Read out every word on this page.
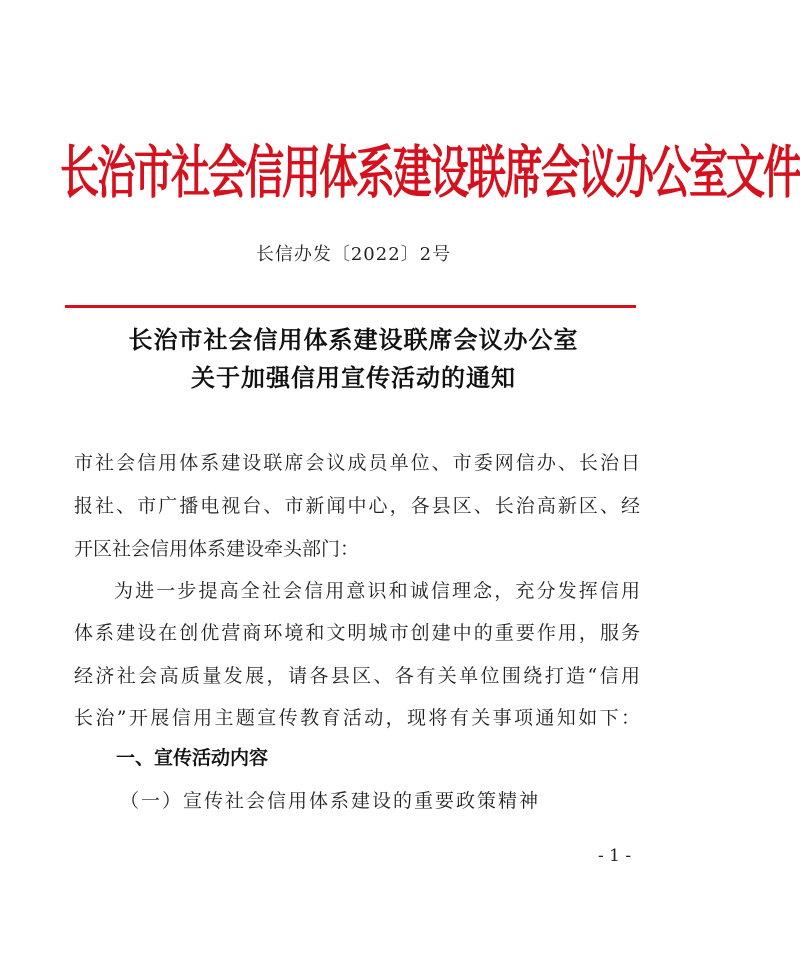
长治市社会信用体系建设联席会议办公室文件
长信办发〔2022〕2号
长治市社会信用体系建设联席会议办公室
关于加强信用宣传活动的通知
市社会信用体系建设联席会议成员单位、市委网信办、长治日
报社、市广播电视台、市新闻中心，各县区、长治高新区、经
开区社会信用体系建设牵头部门：
为进一步提高全社会信用意识和诚信理念，充分发挥信用
体系建设在创优营商环境和文明城市创建中的重要作用，服务
经济社会高质量发展，请各县区、各有关单位围绕打造“信用
长治”开展信用主题宣传教育活动，现将有关事项通知如下：
一、宣传活动内容
（一）宣传社会信用体系建设的重要政策精神
- 1 -
